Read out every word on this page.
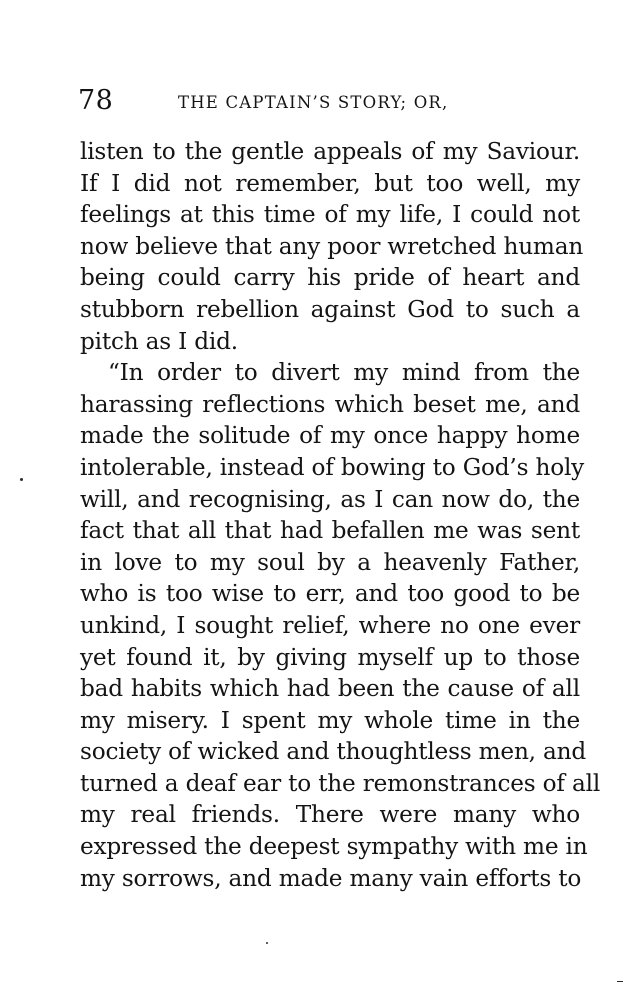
78	THE CAPTAIN’S STORY; OR,
listen to the gentle appeals of my Saviour.
If I did not remember, but too well, my
feelings at this time of my life, I could not
now believe that any poor wretched human
being could carry his pride of heart and
stubborn rebellion against God to such a
pitch as I did.
“In order to divert my mind from the
harassing reflections which beset me, and
made the solitude of my once happy home
intolerable, instead of bowing to God’s holy
will, and recognising, as I can now do, the
fact that all that had befallen me was sent
in love to my soul by a heavenly Father,
who is too wise to err, and too good to be
unkind, I sought relief, where no one ever
yet found it, by giving myself up to those
bad habits which had been the cause of all
my misery. I spent my whole time in the
society of wicked and thoughtless men, and
turned a deaf ear to the remonstrances of all
my real friends. There were many who
expressed the deepest sympathy with me in
my sorrows, and made many vain efforts to
